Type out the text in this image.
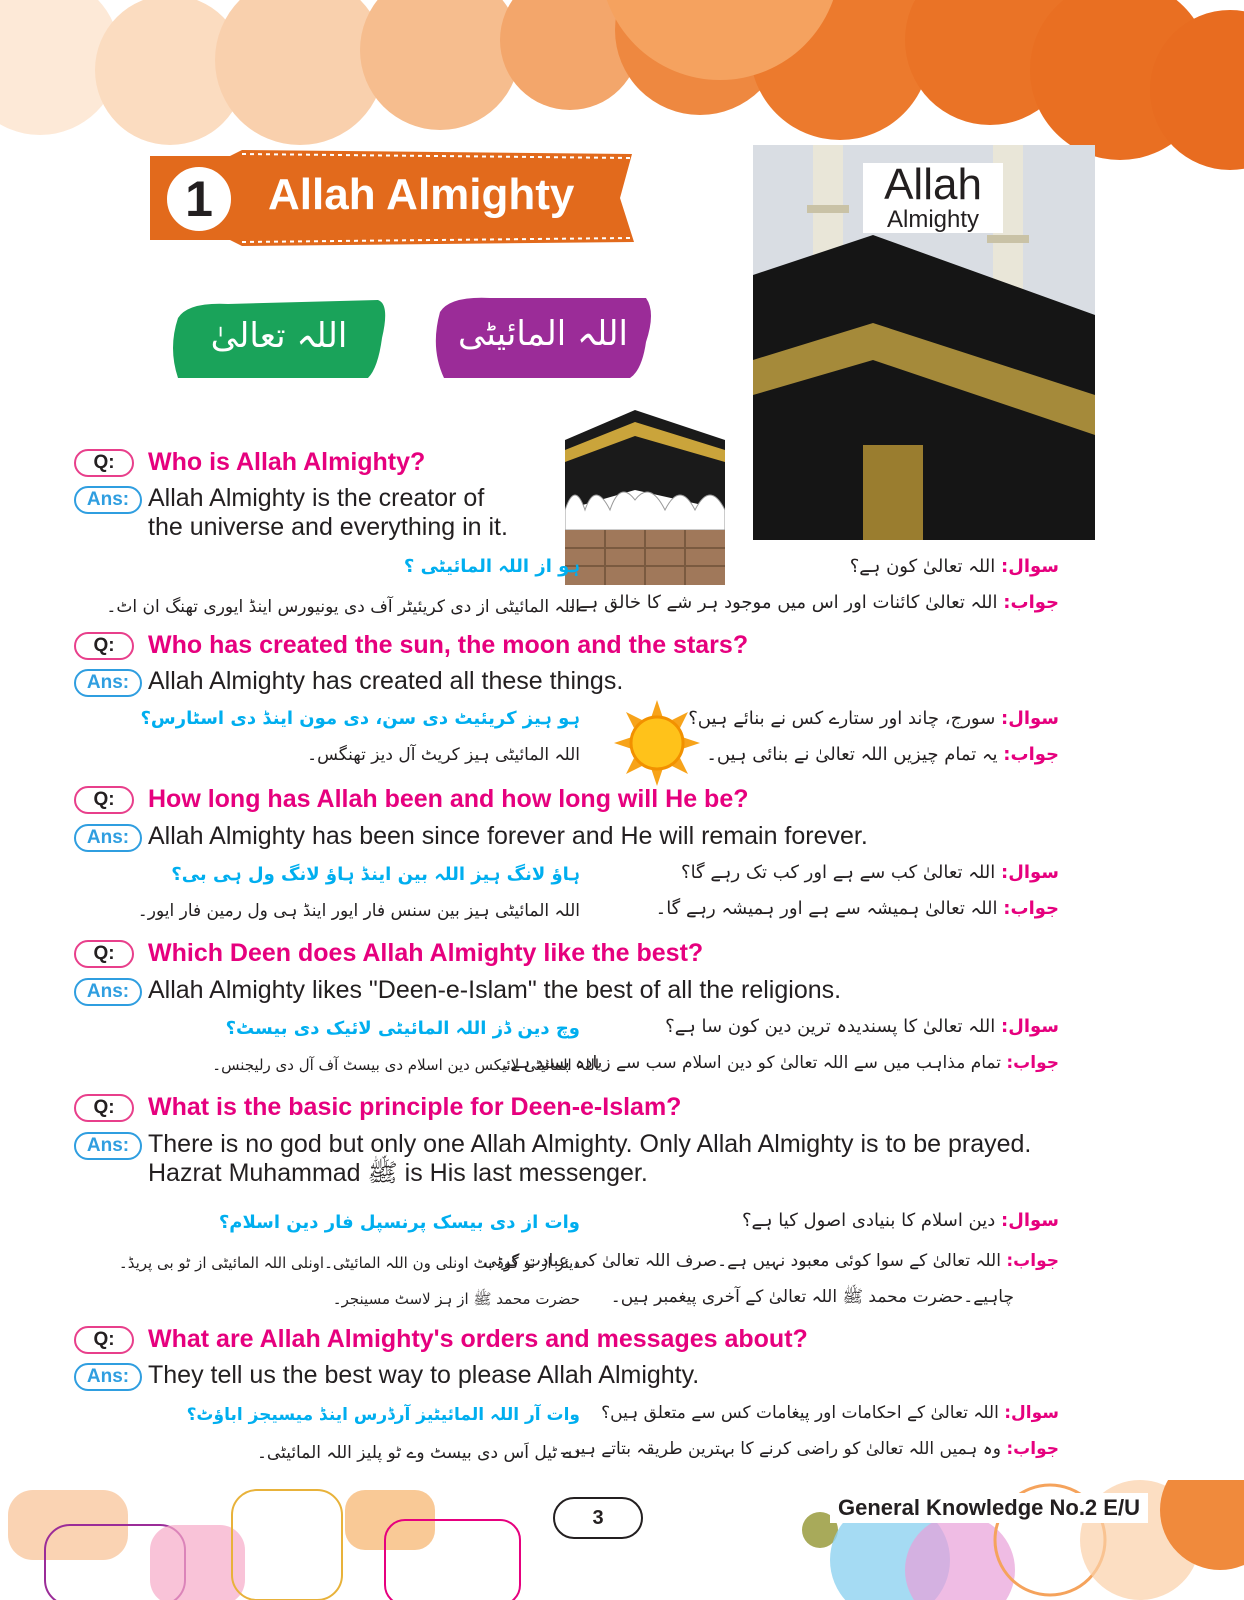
1	Allah Almighty
اللہ تعالیٰ	اللہ المائیٹی
Allah
Almighty
Q:	Who is Allah Almighty?
Ans: Allah Almighty is the creator of
the universe and everything in it.
سوال: اللہ تعالیٰ کون ہے؟
جواب: اللہ تعالیٰ کائنات اور اس میں موجود ہر شے کا خالق ہے۔
ہو از اللہ المائیٹی ؟
اللہ المائیٹی از دی کریئیٹر آف دی یونیورس اینڈ ایوری تھنگ ان اٹ۔
Q:	Who has created the sun, the moon and the stars?
Ans: Allah Almighty has created all these things.
سوال: سورج، چاند اور ستارے کس نے بنائے ہیں؟
جواب: یہ تمام چیزیں اللہ تعالیٰ نے بنائی ہیں۔
ہو ہیز کریئیٹ دی سن، دی مون اینڈ دی اسٹارس؟
اللہ المائیٹی ہیز کریٹ آل دیز تھنگس۔
Q:	How long has Allah been and how long will He be?
Ans: Allah Almighty has been since forever and He will remain forever.
سوال: اللہ تعالیٰ کب سے ہے اور کب تک رہے گا؟
جواب: اللہ تعالیٰ ہمیشہ سے ہے اور ہمیشہ رہے گا۔
ہاؤ لانگ ہیز اللہ بین اینڈ ہاؤ لانگ ول ہی بی؟
اللہ المائیٹی ہیز بین سنس فار ایور اینڈ ہی ول رمین فار ایور۔
Q:	Which Deen does Allah Almighty like the best?
Ans: Allah Almighty likes "Deen-e-Islam" the best of all the religions.
سوال: اللہ تعالیٰ کا پسندیدہ ترین دین کون سا ہے؟
جواب: تمام مذاہب میں سے اللہ تعالیٰ کو دین اسلام سب سے زیادہ پسند ہے۔
وچ دین ڈز اللہ المائیٹی لائیک دی بیسٹ؟
اللہ المائیٹی لائیکس دین اسلام دی بیسٹ آف آل دی رلیجنس۔
Q:	What is the basic principle for Deen-e-Islam?
Ans: There is no god but only one Allah Almighty. Only Allah Almighty is to be prayed.
Hazrat Muhammad ﷺ is His last messenger.
سوال: دین اسلام کا بنیادی اصول کیا ہے؟
جواب: اللہ تعالیٰ کے سوا کوئی معبود نہیں ہے۔صرف اللہ تعالیٰ کی عبادت کرنی
چاہیے۔حضرت محمد ﷺ اللہ تعالیٰ کے آخری پیغمبر ہیں۔
وات از دی بیسک پرنسپل فار دین اسلام؟
دیئر از نو گوڈ بٹ اونلی ون اللہ المائیٹی۔اونلی اللہ المائیٹی از ٹو بی پریڈ۔
حضرت محمد ﷺ از ہز لاسٹ مسینجر۔
Q:	What are Allah Almighty's orders and messages about?
Ans: They tell us the best way to please Allah Almighty.
سوال: اللہ تعالیٰ کے احکامات اور پیغامات کس سے متعلق ہیں؟
جواب: وہ ہمیں اللہ تعالیٰ کو راضی کرنے کا بہترین طریقہ بتاتے ہیں۔
وات آر اللہ المائیٹیز آرڈرس اینڈ میسیجز اباؤٹ؟
دے ٹیل اَس دی بیسٹ وے ٹو پلیز اللہ المائیٹی۔
3	General Knowledge No.2 E/U
